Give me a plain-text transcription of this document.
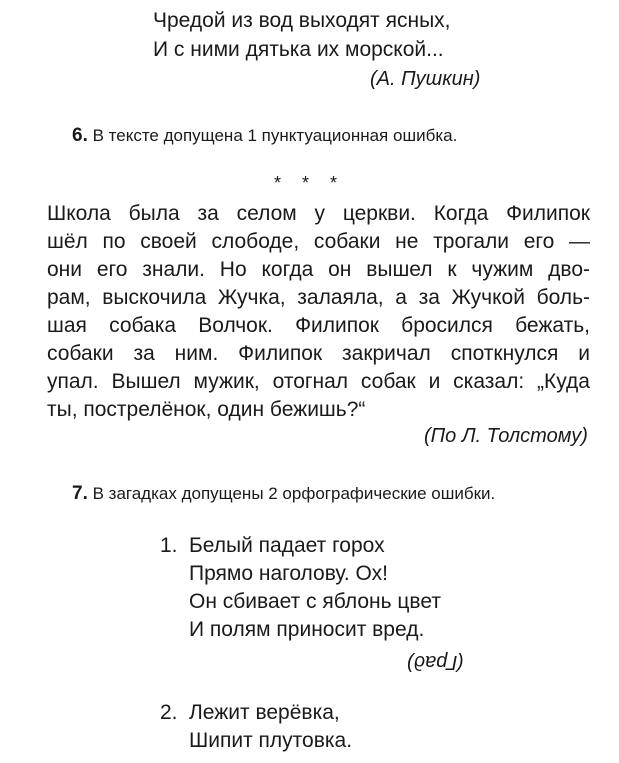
Чредой из вод выходят ясных,
И с ними дятька их морской...
(А. Пушкин)
6. В тексте допущена 1 пунктуационная ошибка.
* * *
Школа была за селом у церкви. Когда Филипок
шёл по своей слободе, собаки не трогали его —
они его знали. Но когда он вышел к чужим дво-
рам, выскочила Жучка, залаяла, а за Жучкой боль-
шая собака Волчок. Филипок бросился бежать,
собаки за ним. Филипок закричал споткнулся и
упал. Вышел мужик, отогнал собак и сказал: „Куда
ты, пострелёнок, один бежишь?“
(По Л. Толстому)
7. В загадках допущены 2 орфографические ошибки.
1. Белый падает горох
Прямо наголову. Ох!
Он сбивает с яблонь цвет
И полям приносит вред.
(Град)
2. Лежит верёвка,
Шипит плутовка.
